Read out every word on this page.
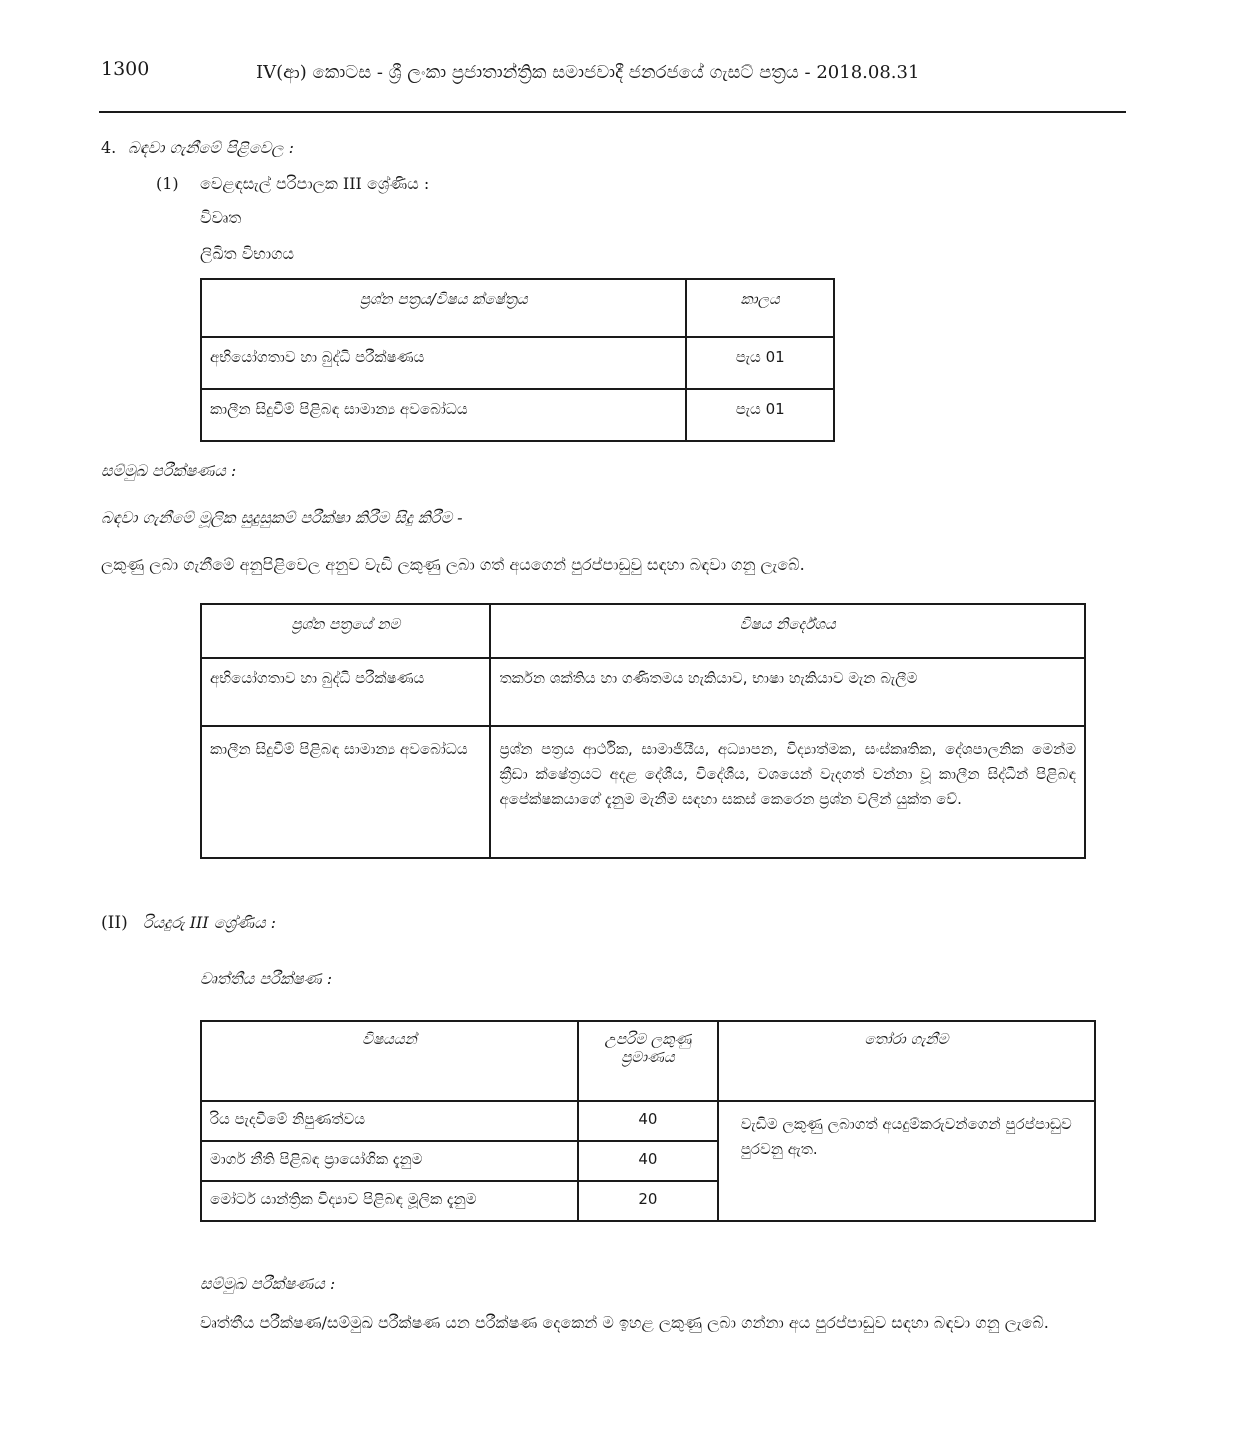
1300	IV(ආ) කොටස - ශ්‍රී ලංකා ප්‍රජාතාන්ත්‍රික සමාජවාදී ජනරජයේ ගැසට් පත්‍රය - 2018.08.31
4. බඳවා ගැනීමේ පිළිවෙල :
(1) වෙළඳසැල් පරිපාලක III ශ්‍රේණිය :
විවෘත
ලිඛිත විභාගය
ප්‍රශ්න පත්‍රය/විෂය ක්ෂේත්‍රය	කාලය
අභියෝගතාව හා බුද්ධි පරීක්ෂණය	පැය 01
කාලීන සිදුවීම් පිළිබඳ සාමාන්‍ය අවබෝධය	පැය 01
සම්මුඛ පරීක්ෂණය :
බඳවා ගැනීමේ මූලික සුදුසුකම් පරීක්ෂා කිරීම සිදු කිරීම -
ලකුණු ලබා ගැනීමේ අනුපිළිවෙල අනුව වැඩි ලකුණු ලබා ගත් අයගෙන් පුරප්පාඩුවු සඳහා බඳවා ගනු ලැබේ.
ප්‍රශ්න පත්‍රයේ නම	විෂය නිර්දේශය
අභියෝගතාව හා බුද්ධි පරීක්ෂණය	තර්කන ශක්තිය හා ගණිතමය හැකියාව, භාෂා හැකියාව මැන බැලීම
කාලීන සිදුවීම් පිළිබඳ සාමාන්‍ය අවබෝධය	ප්‍රශ්න පත්‍රය ආර්ථික, සාමාජීයීය, අධ්‍යාපන, විද්‍යාත්මක, සංස්කෘතික, දේශපාලනික මෙන්ම ක්‍රීඩා ක්ෂේත්‍රයට අදළ දේශීය, විදේශීය, වශයෙන් වැදගත් වන්නා වූ කාලීන සිද්ධීන් පිළිබඳ අපේක්ෂකයාගේ දැනුම මැනීම සඳහා සකස් කෙරෙන ප්‍රශ්න වලින් යුක්ත වේ.
(II) රියදුරු III ශ්‍රේණිය :
වෘත්තීය පරීක්ෂණ :
විෂයයන්	උපරිම ලකුණු ප්‍රමාණය	තෝරා ගැනීම
රිය පැදවීමේ නිපුණත්වය	40	වැඩිම ලකුණු ලබාගත් අයදුම්කරුවන්ගෙන් පුරප්පාඩුව පුරවනු ඇත.
මාර්ග නීති පිළිබඳ ප්‍රායෝගික දැනුම	40	
මෝටර් යාන්ත්‍රික විද්‍යාව පිළිබඳ මූලික දැනුම	20	
සම්මුඛ පරීක්ෂණය :
වෘත්තීය පරීක්ෂණ/සම්මුඛ පරීක්ෂණ යන පරීක්ෂණ දෙකෙන් ම ඉහළ ලකුණු ලබා ගන්නා අය පුරප්පාඩුව සඳහා බඳවා ගනු ලැබේ.
